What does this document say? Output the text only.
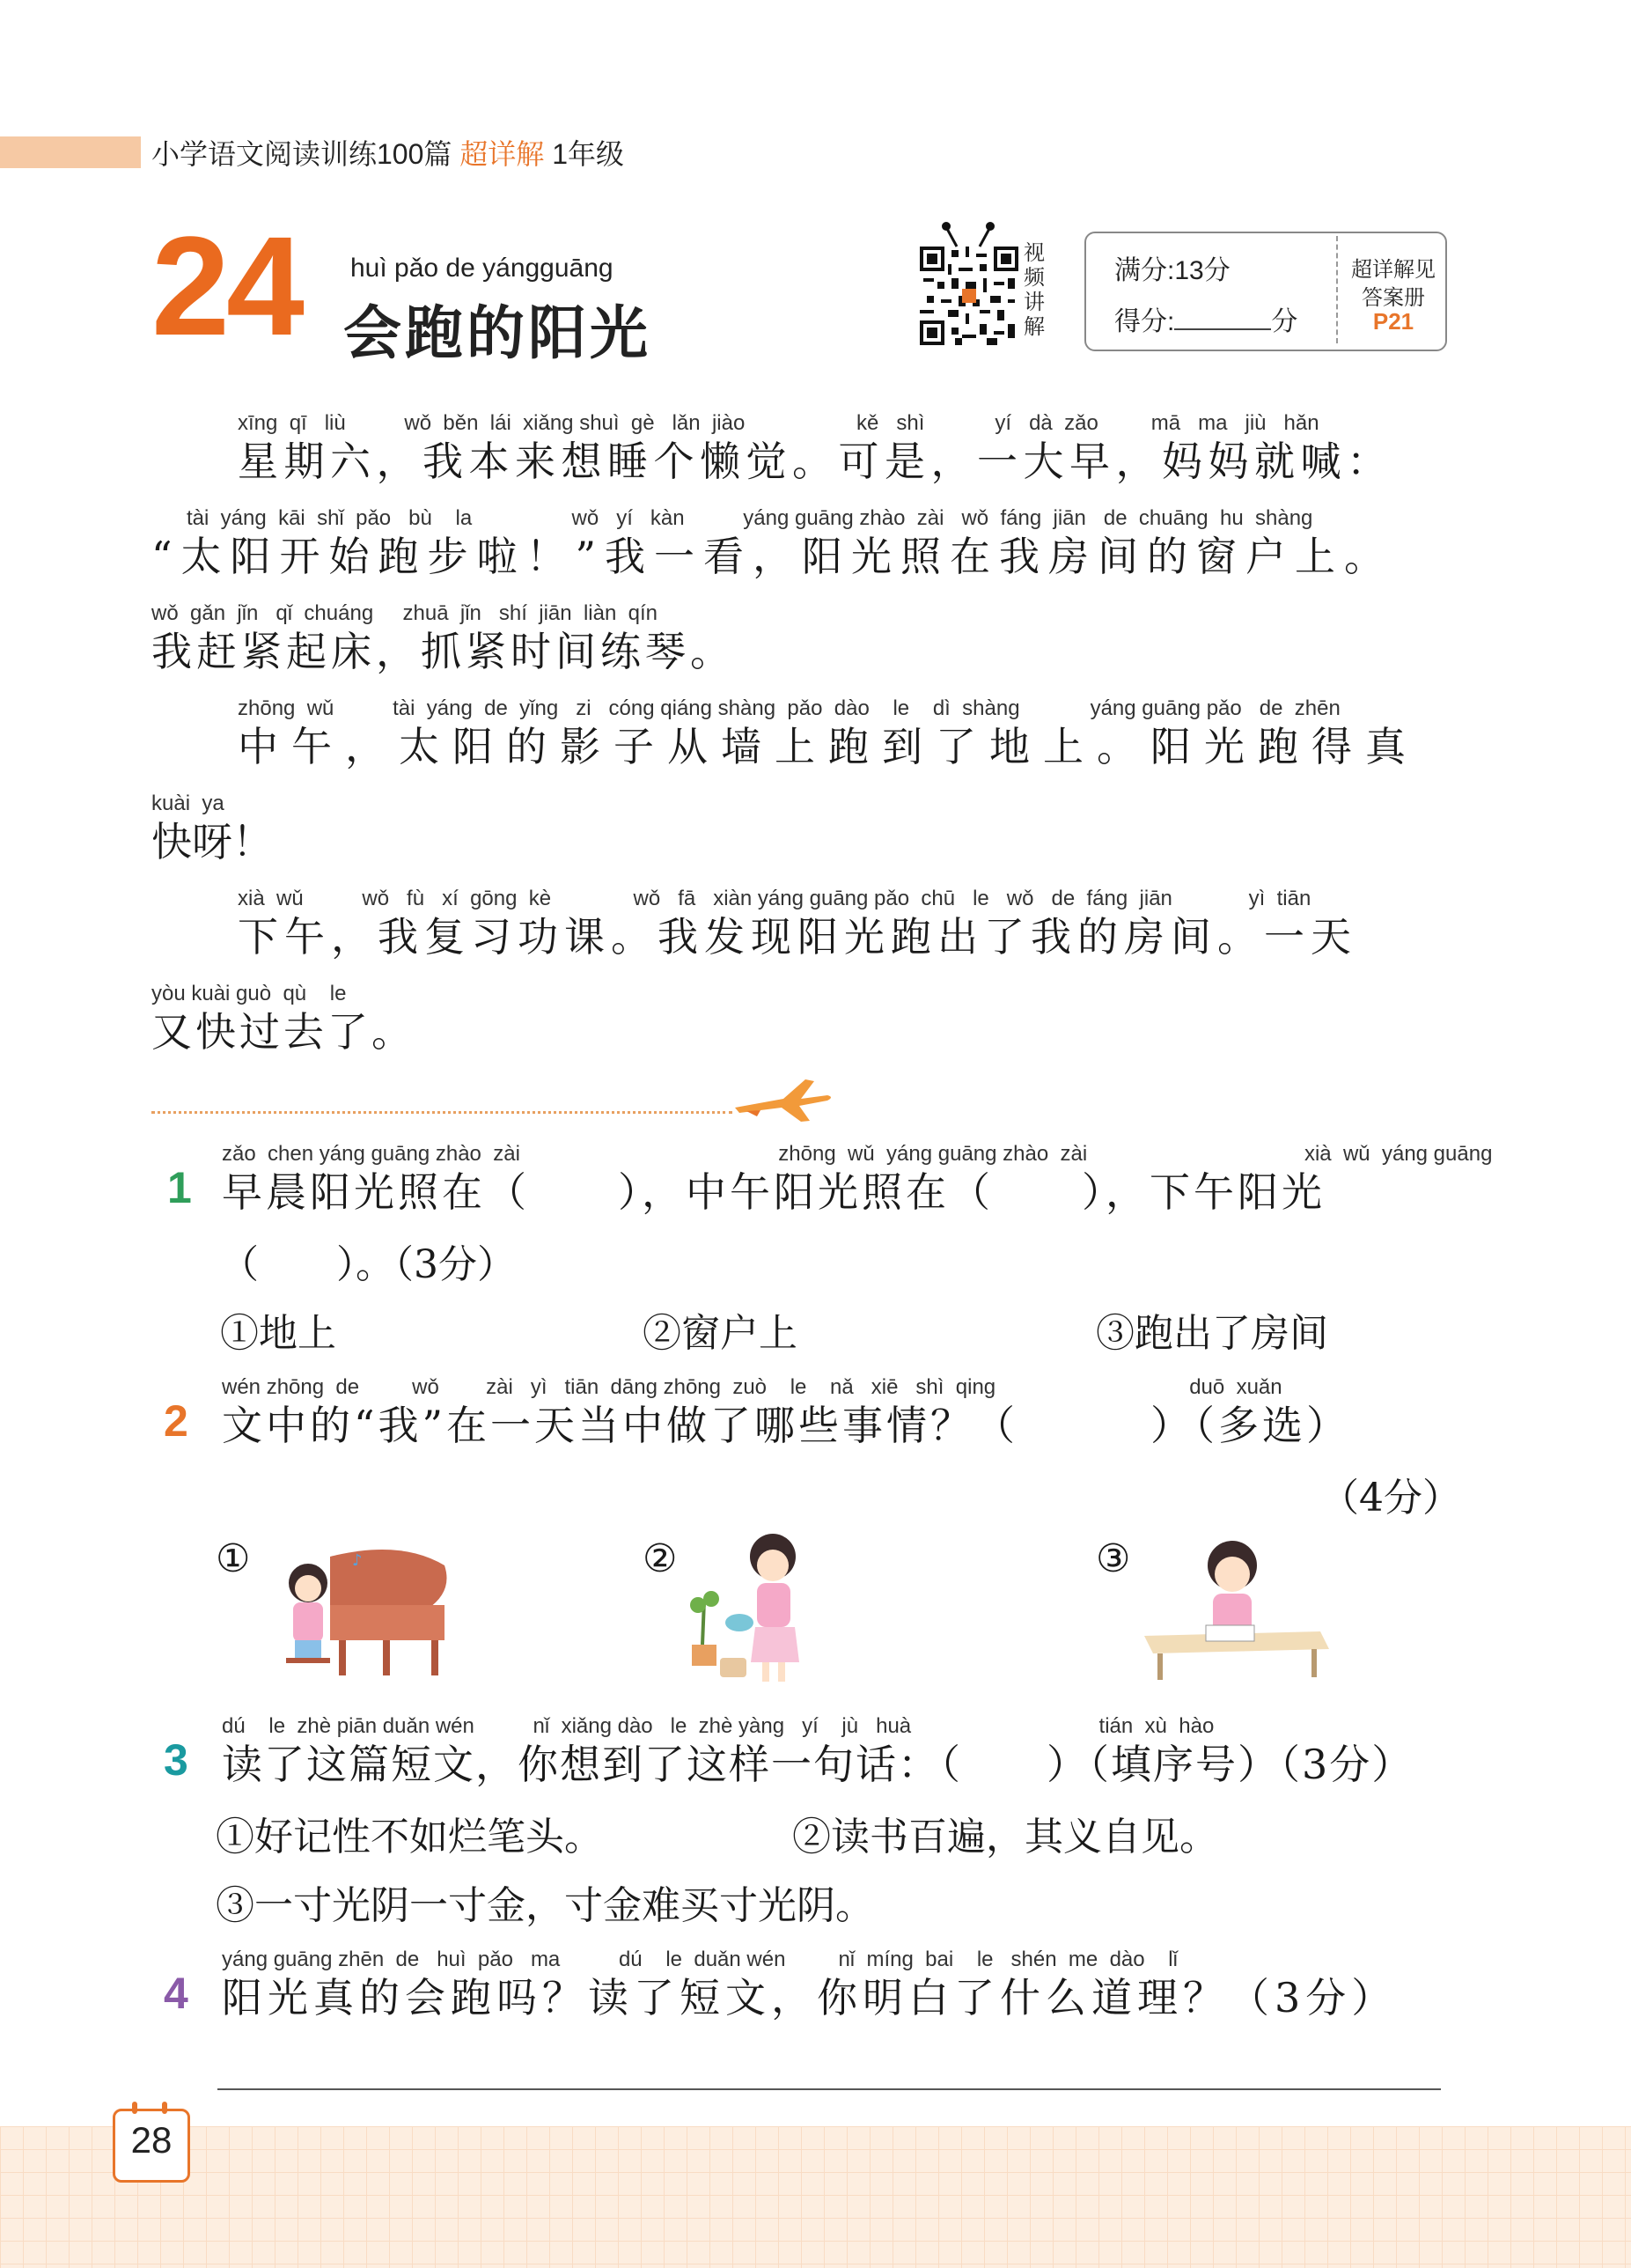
小学语文阅读训练100篇 超详解 1年级
24 huì pǎo de yángguāng
会跑的阳光
视
频
讲
解
满分:13分
得分:	分
超详解见
答案册
P21
xīng  qī   liù          wǒ  běn  lái  xiǎng shuì  gè   lǎn  jiào                   kě   shì            yí   dà  zǎo         mā   ma   jiù   hǎn
星期六，我本来想睡个懒觉。可是，一大早，妈妈就喊：
tài  yáng  kāi  shǐ  pǎo   bù    la                 wǒ   yí   kàn          yáng guāng zhào  zài   wǒ  fáng  jiān   de  chuāng  hu  shàng
“太阳开始跑步啦！”我一看，阳光照在我房间的窗户上。
wǒ  gǎn  jǐn   qǐ  chuáng     zhuā  jǐn   shí  jiān  liàn  qín
我赶紧起床，抓紧时间练琴。
zhōng  wǔ          tài  yáng  de  yǐng   zi   cóng qiáng shàng  pǎo  dào    le    dì  shàng            yáng guāng pǎo   de  zhēn
中午，太阳的影子从墙上跑到了地上。阳光跑得真
kuài  ya
快呀！
xià  wǔ          wǒ   fù   xí  gōng  kè              wǒ   fā   xiàn yáng guāng pǎo  chū   le   wǒ   de  fáng  jiān             yì  tiān
下午，我复习功课。我发现阳光跑出了我的房间。一天
yòu kuài guò  qù    le
又快过去了。
1
zǎo  chen yáng guāng zhào  zài                                            zhōng  wǔ  yáng guāng zhào  zài                                     xià  wǔ  yáng guāng
早晨阳光照在（　　），中午阳光照在（　　），下午阳光
（　　）。（3分）
①地上	②窗户上	③跑出了房间
2
wén zhōng  de         wǒ        zài   yì   tiān  dāng zhōng  zuò    le    nǎ   xiē   shì  qing                                 duō  xuǎn
文中的“我”在一天当中做了哪些事情？（　　　）（多选）
（4分）
①	②	③
♪
3
dú    le  zhè piān duǎn wén          nǐ  xiǎng dào   le  zhè yàng   yí    jù   huà                                tián  xù  hào
读了这篇短文，你想到了这样一句话：（　　）（填序号）（3分）
①好记性不如烂笔头。	②读书百遍，其义自见。
③一寸光阴一寸金，寸金难买寸光阴。
4
yáng guāng zhēn  de   huì  pǎo   ma          dú    le  duǎn wén         nǐ  míng  bai    le   shén  me  dào    lǐ
阳光真的会跑吗？读了短文，你明白了什么道理？（3分）
28
